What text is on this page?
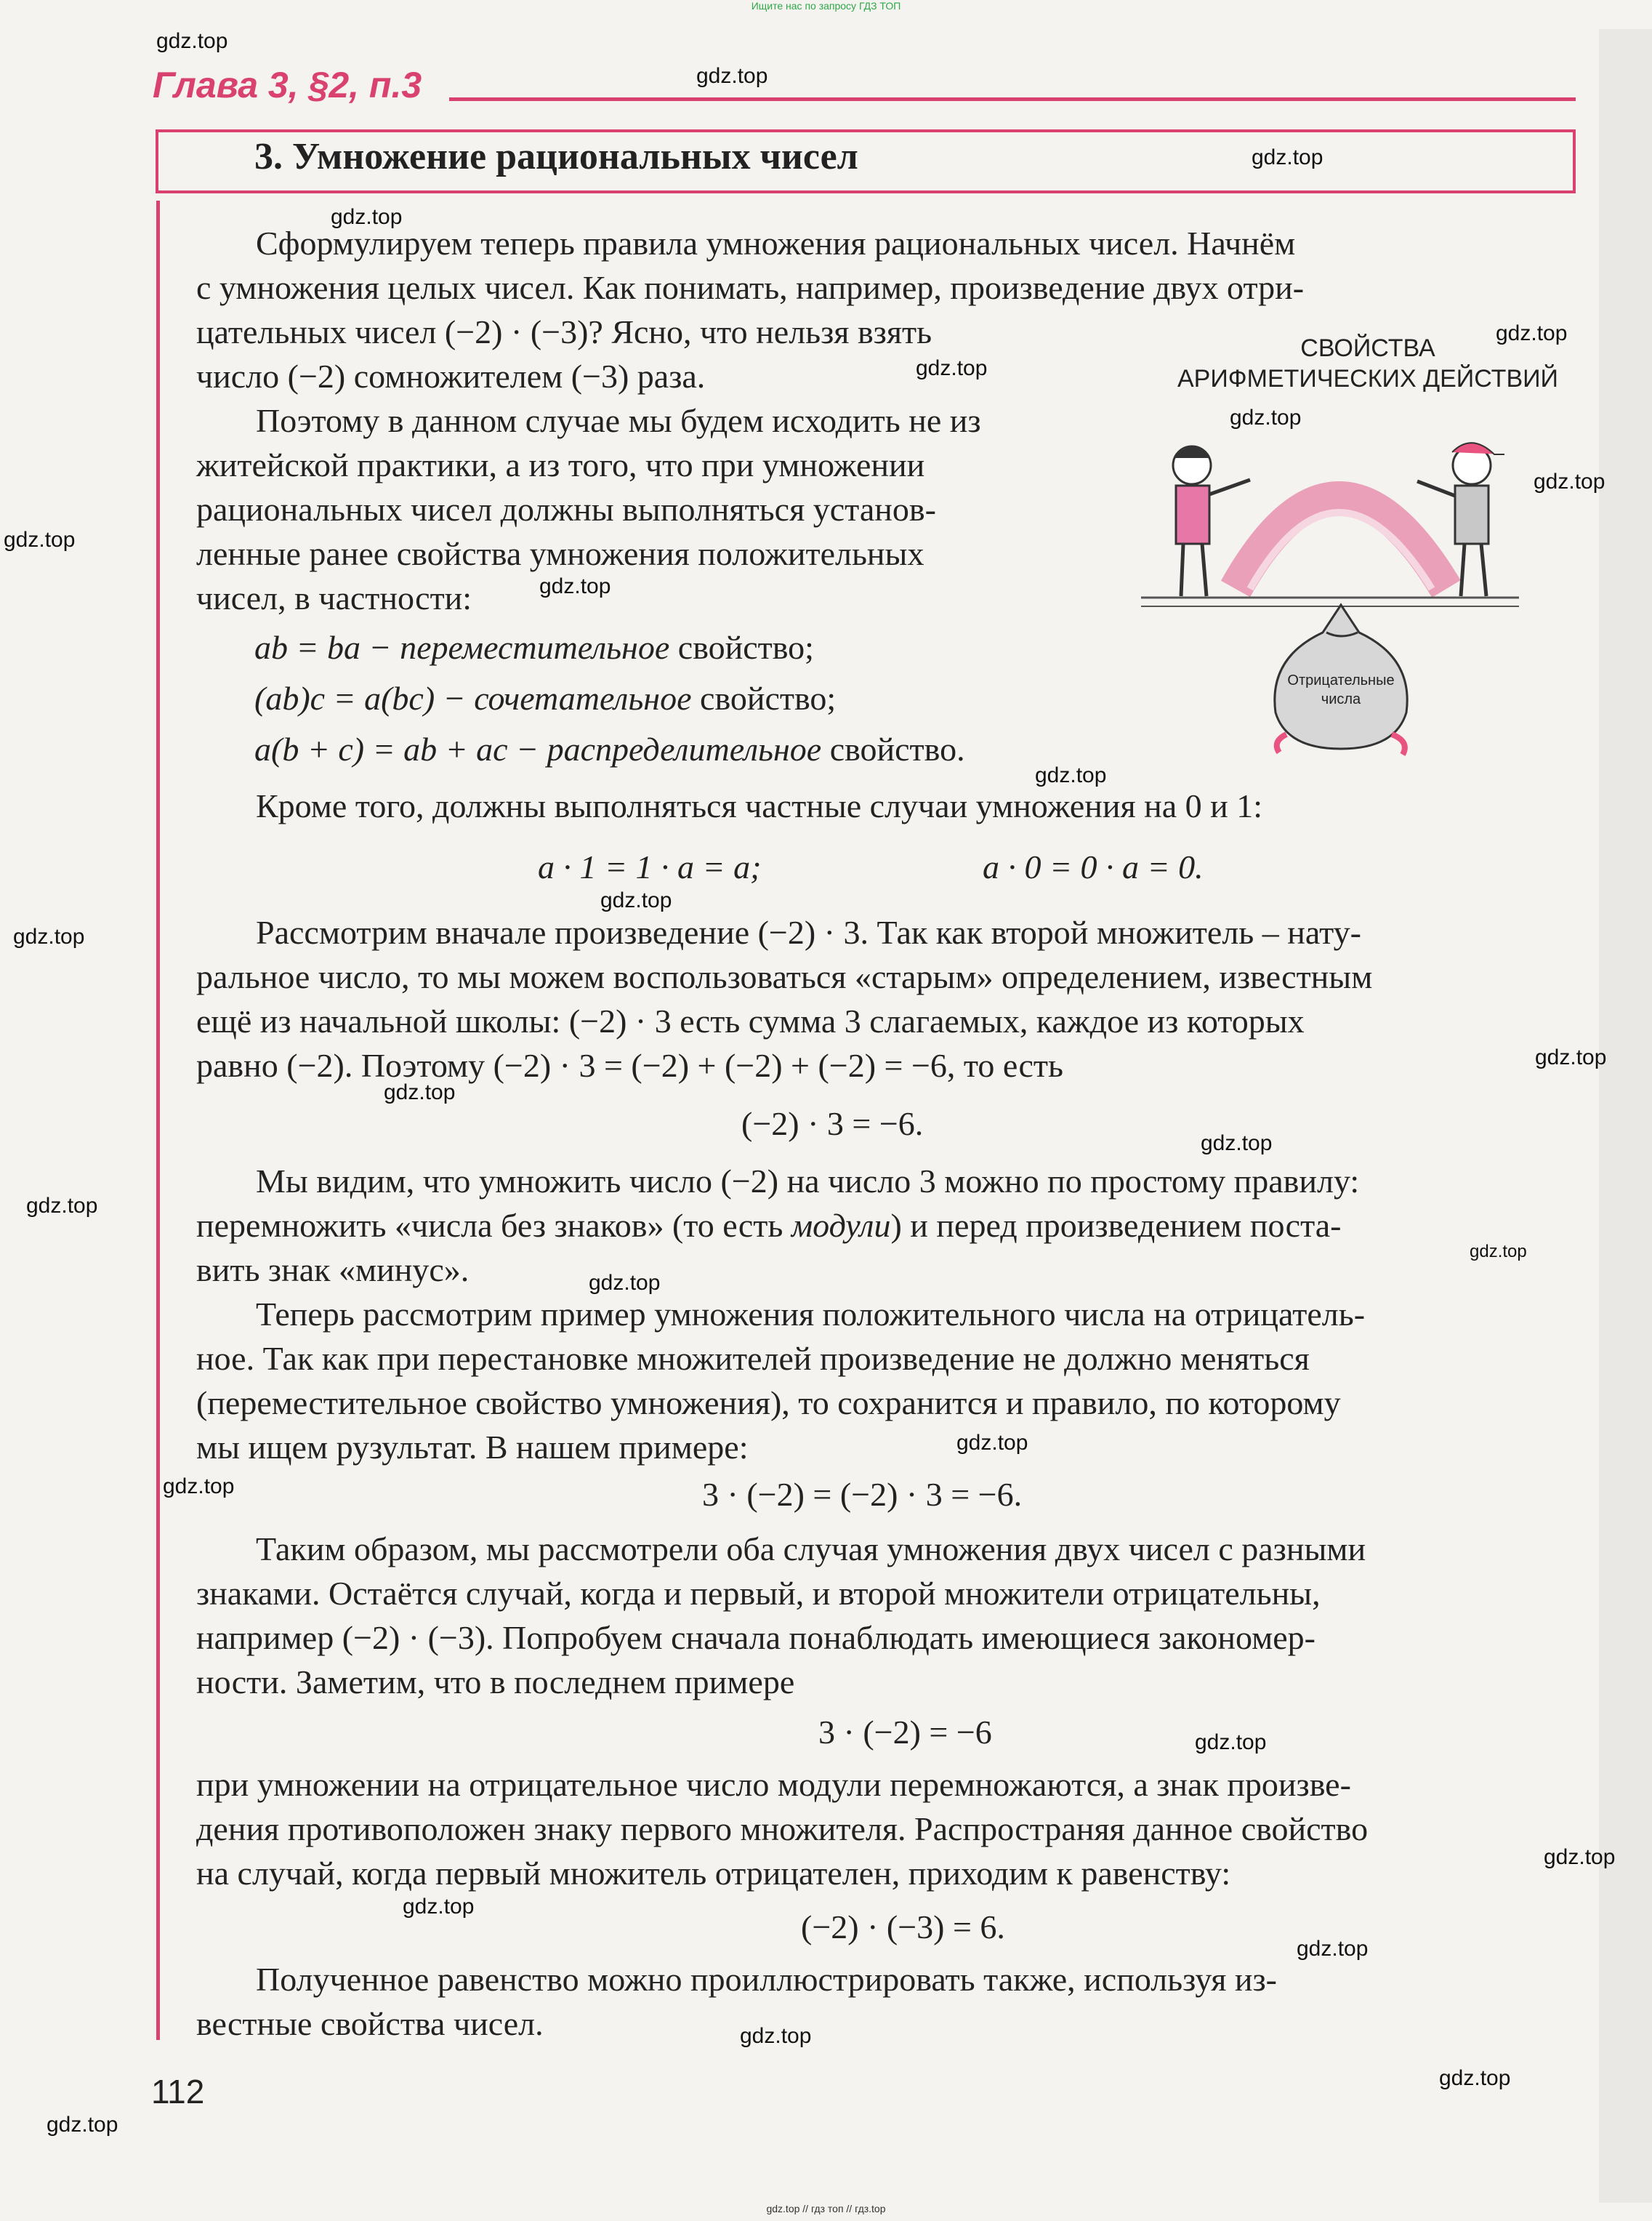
Ищите нас по запросу ГДЗ ТОП
Глава 3, §2, п.3
3. Умножение рациональных чисел
Сформулируем теперь правила умножения рациональных чисел. Начнём
с умножения целых чисел. Как понимать, например, произведение двух отри-
цательных чисел (−2) · (−3)? Ясно, что нельзя взять
число (−2) сомножителем (−3) раза.
Поэтому в данном случае мы будем исходить не из
житейской практики, а из того, что при умножении
рациональных чисел должны выполняться установ-
ленные ранее свойства умножения положительных
чисел, в частности:
ab = ba − переместительное свойство;
(ab)c = a(bc) − сочетательное свойство;
a(b + c) = ab + ac − распределительное свойство.
СВОЙСТВА
АРИФМЕТИЧЕСКИХ ДЕЙСТВИЙ
Отрицательные
числа
Кроме того, должны выполняться частные случаи умножения на 0 и 1:
a · 1 = 1 · a = a;	a · 0 = 0 · a = 0.
Рассмотрим вначале произведение (−2) · 3. Так как второй множитель – нату-
ральное число, то мы можем воспользоваться «старым» определением, известным
ещё из начальной школы: (−2) · 3 есть сумма 3 слагаемых, каждое из которых
равно (−2). Поэтому (−2) · 3 = (−2) + (−2) + (−2) = −6, то есть
(−2) · 3 = −6.
Мы видим, что умножить число (−2) на число 3 можно по простому правилу:
перемножить «числа без знаков» (то есть модули) и перед произведением поста-
вить знак «минус».
Теперь рассмотрим пример умножения положительного числа на отрицатель-
ное. Так как при перестановке множителей произведение не должно меняться
(переместительное свойство умножения), то сохранится и правило, по которому
мы ищем рузультат. В нашем примере:
3 · (−2) = (−2) · 3 = −6.
Таким образом, мы рассмотрели оба случая умножения двух чисел с разными
знаками. Остаётся случай, когда и первый, и второй множители отрицательны,
например (−2) · (−3). Попробуем сначала понаблюдать имеющиеся закономер-
ности. Заметим, что в последнем примере
3 · (−2) = −6
при умножении на отрицательное число модули перемножаются, а знак произве-
дения противоположен знаку первого множителя. Распространяя данное свойство
на случай, когда первый множитель отрицателен, приходим к равенству:
(−2) · (−3) = 6.
Полученное равенство можно проиллюстрировать также, используя из-
вестные свойства чисел.
112
gdz.top
gdz.top
gdz.top
gdz.top
gdz.top
gdz.top
gdz.top
gdz.top
gdz.top
gdz.top
gdz.top
gdz.top
gdz.top
gdz.top
gdz.top
gdz.top
gdz.top
gdz.top
gdz.top
gdz.top
gdz.top
gdz.top
gdz.top
gdz.top
gdz.top
gdz.top
gdz.top
gdz.top
gdz.top // гдз топ // гдз.top
